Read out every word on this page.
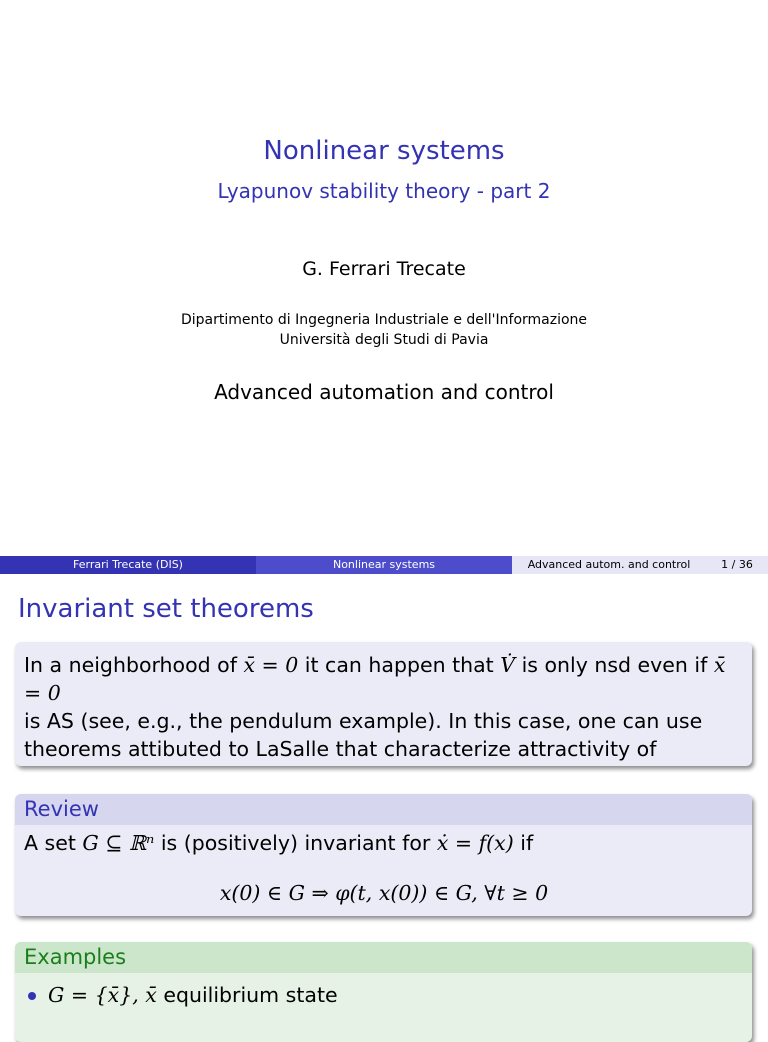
Nonlinear systems
Lyapunov stability theory - part 2
G. Ferrari Trecate
Dipartimento di Ingegneria Industriale e dell'Informazione
Università degli Studi di Pavia
Advanced automation and control
Ferrari Trecate (DIS)	Nonlinear systems	Advanced autom. and control	1 / 36
Invariant set theorems
In a neighborhood of x̄ = 0 it can happen that V̇ is only nsd even if x̄ = 0
is AS (see, e.g., the pendulum example). In this case, one can use
theorems attibuted to LaSalle that characterize attractivity of
Review
A set G ⊆ ℝⁿ is (positively) invariant for ẋ = f(x) if
x(0) ∈ G ⇒ φ(t, x(0)) ∈ G, ∀t ≥ 0
Examples
G = {x̄}, x̄ equilibrium state
